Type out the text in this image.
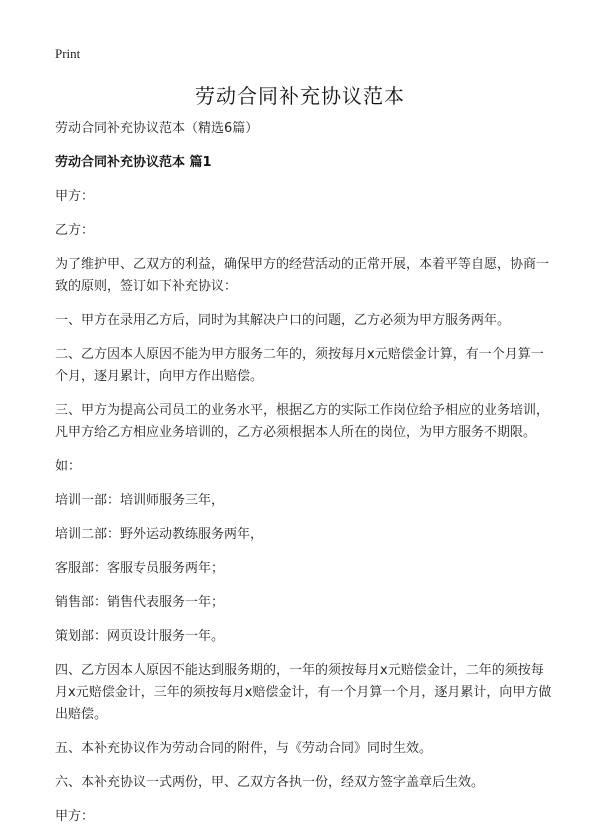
Print
劳动合同补充协议范本

劳动合同补充协议范本（精选6篇）

劳动合同补充协议范本 篇1

甲方：

乙方：

为了维护甲、乙双方的利益，确保甲方的经营活动的正常开展，本着平等自愿，协商一致的原则，签订如下补充协议：

一、甲方在录用乙方后，同时为其解决户口的问题，乙方必须为甲方服务两年。

二、乙方因本人原因不能为甲方服务二年的，须按每月x元赔偿金计算，有一个月算一个月，逐月累计，向甲方作出赔偿。

三、甲方为提高公司员工的业务水平，根据乙方的实际工作岗位给予相应的业务培训，凡甲方给乙方相应业务培训的，乙方必须根据本人所在的岗位，为甲方服务不期限。

如：

培训一部：培训师服务三年，

培训二部：野外运动教练服务两年，

客服部：客服专员服务两年；

销售部：销售代表服务一年；

策划部：网页设计服务一年。

四、乙方因本人原因不能达到服务期的，一年的须按每月x元赔偿金计，二年的须按每月x元赔偿金计，三年的须按每月x赔偿金计，有一个月算一个月，逐月累计，向甲方做出赔偿。

五、本补充协议作为劳动合同的附件，与《劳动合同》同时生效。

六、本补充协议一式两份，甲、乙双方各执一份，经双方签字盖章后生效。

甲方：
